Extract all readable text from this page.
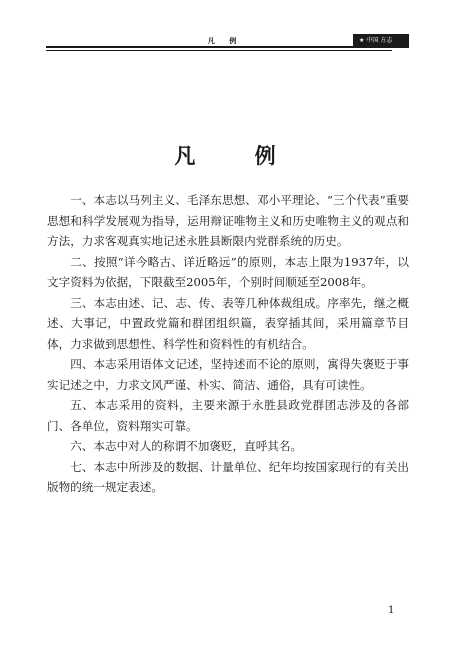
凡 例	★ 中国 方志
凡 例

一、本志以马列主义、毛泽东思想、邓小平理论、“三个代表”重要思想和科学发展观为指导，运用辩证唯物主义和历史唯物主义的观点和方法，力求客观真实地记述永胜县断限内党群系统的历史。

二、按照“详今略古、详近略远”的原则，本志上限为1937年，以文字资料为依据，下限截至2005年，个别时间顺延至2008年。

三、本志由述、记、志、传、表等几种体裁组成。序率先，继之概述、大事记，中置政党篇和群团组织篇，表穿插其间，采用篇章节目体，力求做到思想性、科学性和资料性的有机结合。

四、本志采用语体文记述，坚持述而不论的原则，寓得失褒贬于事实记述之中，力求文风严谨、朴实、简洁、通俗，具有可读性。

五、本志采用的资料，主要来源于永胜县政党群团志涉及的各部门、各单位，资料翔实可靠。

六、本志中对人的称谓不加褒贬，直呼其名。

七、本志中所涉及的数据、计量单位、纪年均按国家现行的有关出版物的统一规定表述。

1
